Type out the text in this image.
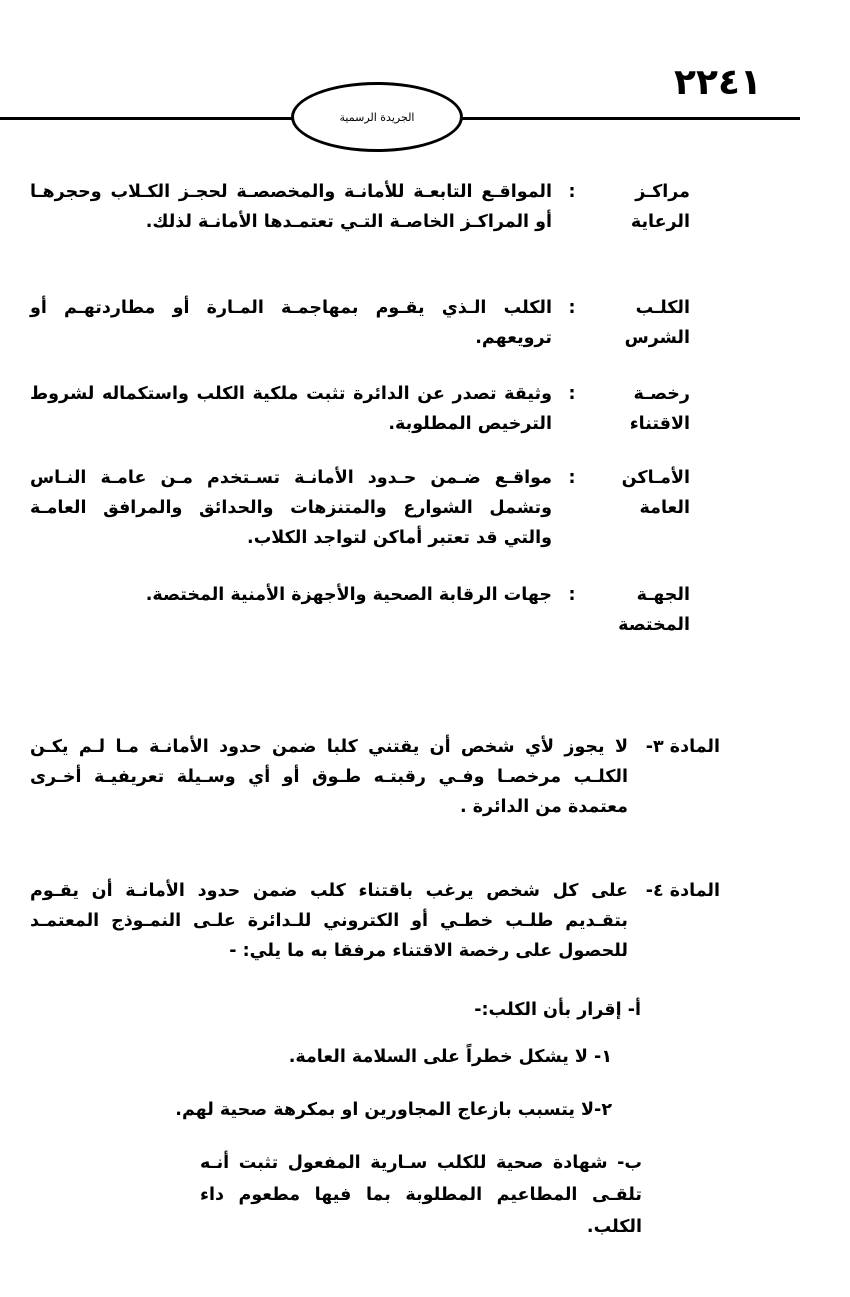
٢٢٤١
الجريدة الرسمية
مراكـز
الرعاية
:
المواقـع التابعـة للأمانـة والمخصصـة لحجـز الكـلاب وحجرهـا أو المراكـز الخاصـة التـي تعتمـدها الأمانـة لذلك.
الكلـب
الشرس
:
الكلب الـذي يقـوم بمهاجمـة المـارة أو مطاردتهـم أو ترويعهم.
رخصـة
الاقتناء
:
وثيقة تصدر عن الدائرة تثبت ملكية الكلب واستكماله لشروط الترخيص المطلوبة.
الأمـاكن
العامة
:
مواقـع ضـمن حـدود الأمانـة تسـتخدم مـن عامـة النـاس وتشمل الشوارع والمتنزهات والحدائق والمرافق العامـة والتي قد تعتبر أماكن لتواجد الكلاب.
الجهـة
المختصة
:
جهات الرقابة الصحية والأجهزة الأمنية المختصة.
المادة ٣-
لا يجوز لأي شخص أن يقتني كلبا ضمن حدود الأمانـة مـا لـم يكـن الكلـب مرخصـا وفـي رقبتـه طـوق أو أي وسـيلة تعريفيـة أخـرى معتمدة من الدائرة .
المادة ٤-
على كل شخص يرغب باقتناء كلب ضمن حدود الأمانـة أن يقـوم بتقـديم طلـب خطـي أو الكتروني للـدائرة علـى النمـوذج المعتمـد للحصول على رخصة الاقتناء مرفقا به ما يلي: -
أ- إقرار بأن الكلب:-
١- لا يشكل خطراً على السلامة العامة.
٢-لا يتسبب بازعاج المجاورين او بمكرهة صحية لهم.
ب- شهادة صحية للكلب سـارية المفعول تثبت أنـه تلقـى المطاعيم المطلوبة بما فيها مطعوم داء الكلب.
